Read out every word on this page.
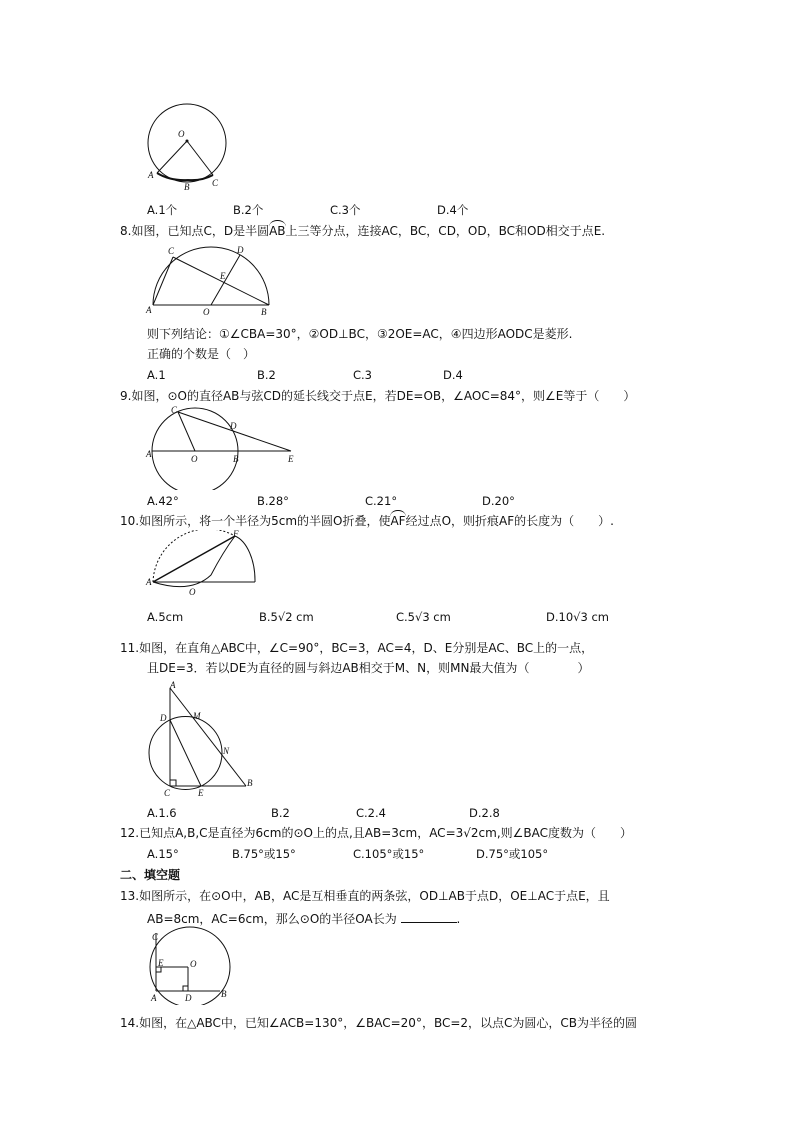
O
A
B	C
A.1个	B.2个	C.3个	D.4个
8.如图，已知点C，D是半圆AB上三等分点，连接AC，BC，CD，OD，BC和OD相交于点E.
C	D
E
A	O	B
则下列结论：①∠CBA=30°，②OD⊥BC，③2OE=AC，④四边形AODC是菱形.
正确的个数是（　）
A.1	B.2	C.3	D.4
9.如图，⊙O的直径AB与弦CD的延长线交于点E，若DE=OB，∠AOC=84°，则∠E等于（　　）
C
D
A	O	B	E
A.42°	B.28°	C.21°	D.20°
10.如图所示，将一个半径为5cm的半圆O折叠，使AF经过点O，则折痕AF的长度为（　　）.
F
A
O
A.5cm	B.5√2 cm	C.5√3 cm	D.10√3 cm
11.如图，在直角△ABC中，∠C=90°，BC=3，AC=4，D、E分别是AC、BC上的一点，
且DE=3．若以DE为直径的圆与斜边AB相交于M、N，则MN最大值为（　　　　）
A
D	M
N
C	E
B
A.1.6	B.2	C.2.4	D.2.8
12.已知点A,B,C是直径为6cm的⊙O上的点,且AB=3cm，AC=3√2cm,则∠BAC度数为（　　）
A.15°	B.75°或15°	C.105°或15°	D.75°或105°
二、填空题
13.如图所示，在⊙O中，AB，AC是互相垂直的两条弦，OD⊥AB于点D，OE⊥AC于点E，且
AB=8cm，AC=6cm，那么⊙O的半径OA长为	.
C
E	O
A	D	B
14.如图，在△ABC中，已知∠ACB=130°，∠BAC=20°，BC=2，以点C为圆心，CB为半径的圆
